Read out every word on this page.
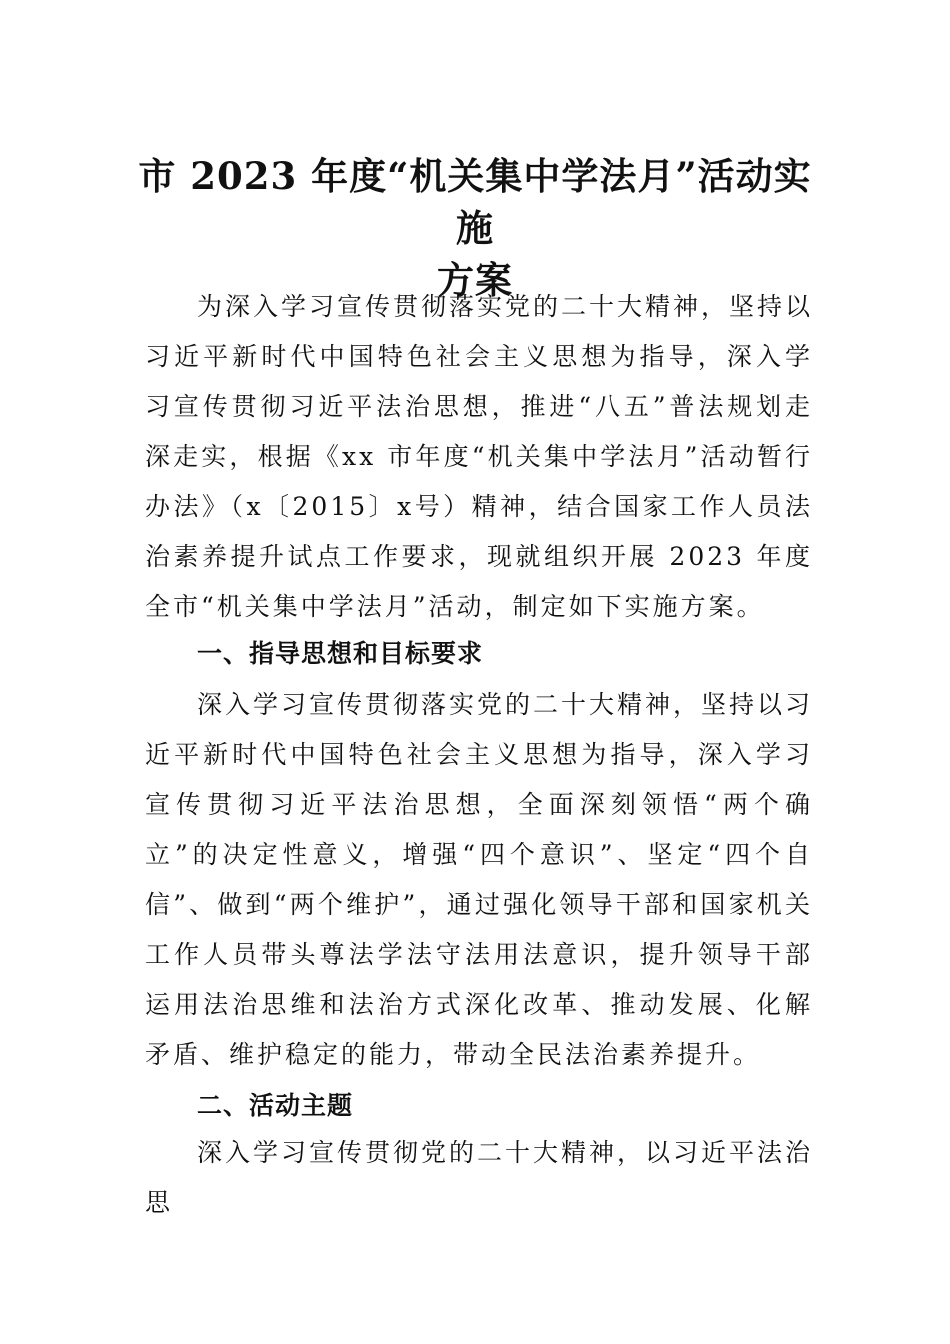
市 2023 年度“机关集中学法月”活动实施
方案

为深入学习宣传贯彻落实党的二十大精神，坚持以习近平新时代中国特色社会主义思想为指导，深入学习宣传贯彻习近平法治思想，推进“八五”普法规划走深走实，根据《xx 市年度“机关集中学法月”活动暂行办法》（x〔2015〕x号）精神，结合国家工作人员法治素养提升试点工作要求，现就组织开展 2023 年度全市“机关集中学法月”活动，制定如下实施方案。

一、指导思想和目标要求

深入学习宣传贯彻落实党的二十大精神，坚持以习近平新时代中国特色社会主义思想为指导，深入学习宣传贯彻习近平法治思想，全面深刻领悟“两个确立”的决定性意义，增强“四个意识”、坚定“四个自信”、做到“两个维护”，通过强化领导干部和国家机关工作人员带头尊法学法守法用法意识，提升领导干部运用法治思维和法治方式深化改革、推动发展、化解矛盾、维护稳定的能力，带动全民法治素养提升。

二、活动主题

深入学习宣传贯彻党的二十大精神，以习近平法治思
